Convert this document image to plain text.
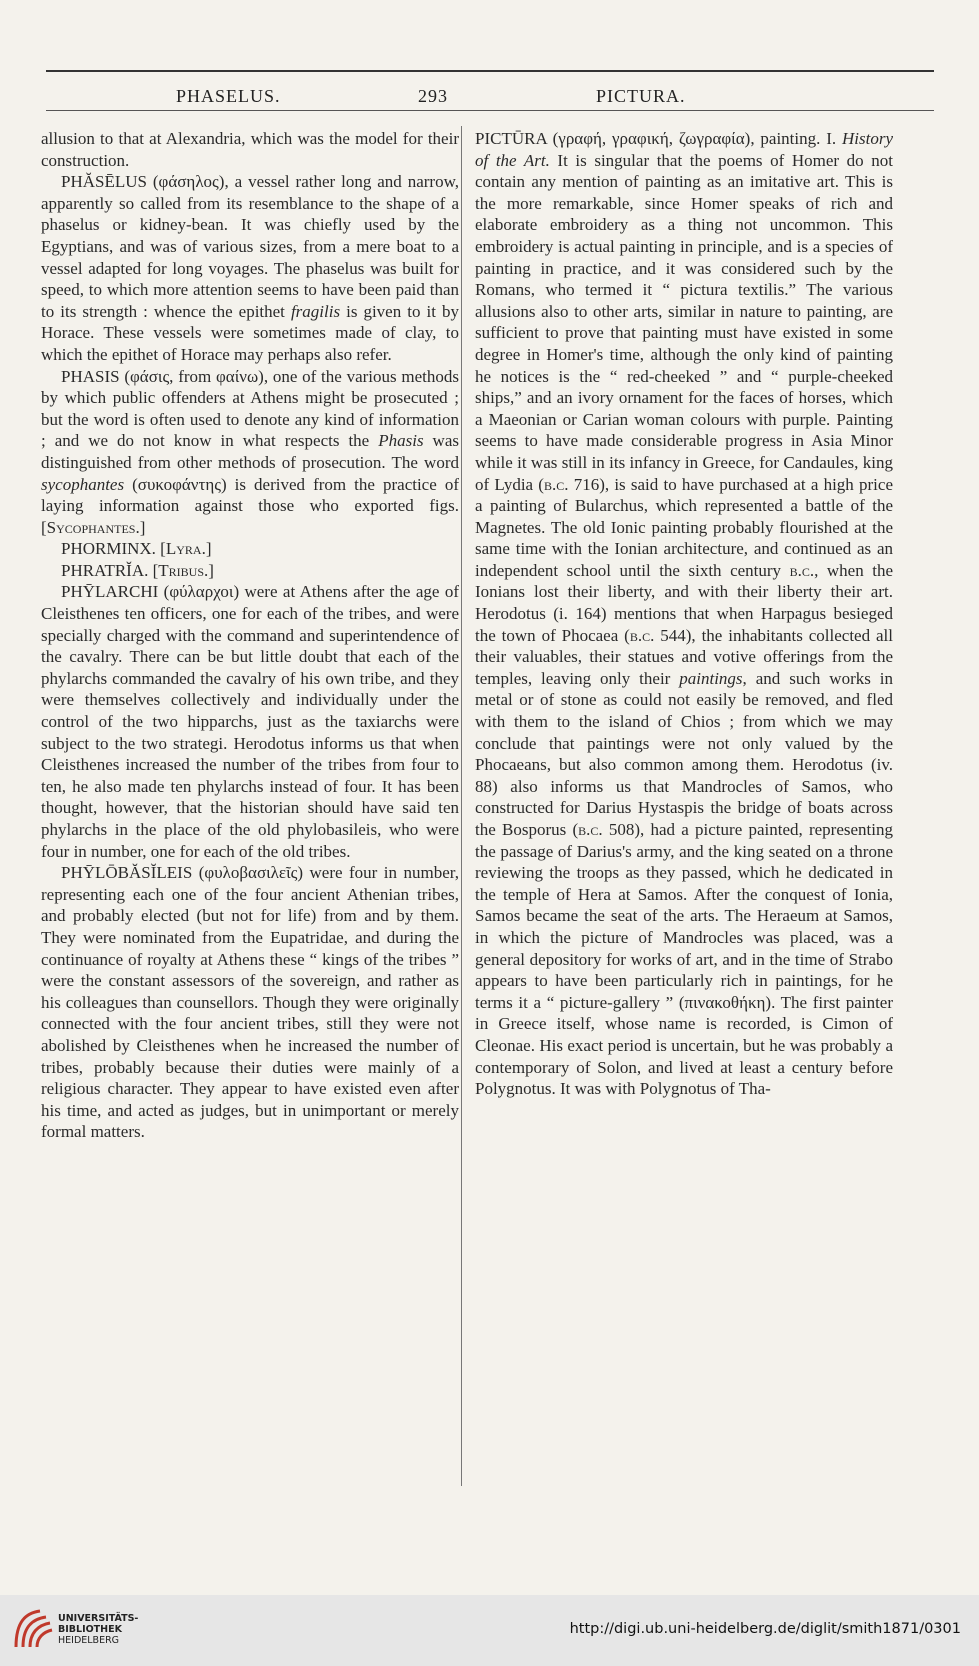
PHASELUS.	293	PICTURA.

allusion to that at Alexandria, which was the model for their construction.

PHĂSĒLUS (φάσηλος), a vessel rather long and narrow, apparently so called from its resemblance to the shape of a phaselus or kidney-bean. It was chiefly used by the Egyptians, and was of various sizes, from a mere boat to a vessel adapted for long voyages. The phaselus was built for speed, to which more attention seems to have been paid than to its strength : whence the epithet fragilis is given to it by Horace. These vessels were sometimes made of clay, to which the epithet of Horace may perhaps also refer.

PHASIS (φάσις, from φαίνω), one of the various methods by which public offenders at Athens might be prosecuted ; but the word is often used to denote any kind of information ; and we do not know in what respects the Phasis was distinguished from other methods of prosecution. The word sycophantes (συκοφάντης) is derived from the practice of laying information against those who exported figs. [Sycophantes.]

PHORMINX. [Lyra.]

PHRATRĬA. [Tribus.]

PHȲLARCHI (φύλαρχοι) were at Athens after the age of Cleisthenes ten officers, one for each of the tribes, and were specially charged with the command and superintendence of the cavalry. There can be but little doubt that each of the phylarchs commanded the cavalry of his own tribe, and they were themselves collectively and individually under the control of the two hipparchs, just as the taxiarchs were subject to the two strategi. Herodotus informs us that when Cleisthenes increased the number of the tribes from four to ten, he also made ten phylarchs instead of four. It has been thought, however, that the historian should have said ten phylarchs in the place of the old phylobasileis, who were four in number, one for each of the old tribes.

PHȲLŌBĂSĬLEIS (φυλοβασιλεῖς) were four in number, representing each one of the four ancient Athenian tribes, and probably elected (but not for life) from and by them. They were nominated from the Eupatridae, and during the continuance of royalty at Athens these “ kings of the tribes ” were the constant assessors of the sovereign, and rather as his colleagues than counsellors. Though they were originally connected with the four ancient tribes, still they were not abolished by Cleisthenes when he increased the number of tribes, probably because their duties were mainly of a religious character. They appear to have existed even after his time, and acted as judges, but in unimportant or merely formal matters.

PICTŪRA (γραφή, γραφική, ζωγραφία), painting. I. History of the Art. It is singular that the poems of Homer do not contain any mention of painting as an imitative art. This is the more remarkable, since Homer speaks of rich and elaborate embroidery as a thing not uncommon. This embroidery is actual painting in principle, and is a species of painting in practice, and it was considered such by the Romans, who termed it “ pictura textilis.” The various allusions also to other arts, similar in nature to painting, are sufficient to prove that painting must have existed in some degree in Homer's time, although the only kind of painting he notices is the “ red-cheeked ” and “ purple-cheeked ships,” and an ivory ornament for the faces of horses, which a Maeonian or Carian woman colours with purple. Painting seems to have made considerable progress in Asia Minor while it was still in its infancy in Greece, for Candaules, king of Lydia (b.c. 716), is said to have purchased at a high price a painting of Bularchus, which represented a battle of the Magnetes. The old Ionic painting probably flourished at the same time with the Ionian architecture, and continued as an independent school until the sixth century b.c., when the Ionians lost their liberty, and with their liberty their art. Herodotus (i. 164) mentions that when Harpagus besieged the town of Phocaea (b.c. 544), the inhabitants collected all their valuables, their statues and votive offerings from the temples, leaving only their paintings, and such works in metal or of stone as could not easily be removed, and fled with them to the island of Chios ; from which we may conclude that paintings were not only valued by the Phocaeans, but also common among them. Herodotus (iv. 88) also informs us that Mandrocles of Samos, who constructed for Darius Hystaspis the bridge of boats across the Bosporus (b.c. 508), had a picture painted, representing the passage of Darius's army, and the king seated on a throne reviewing the troops as they passed, which he dedicated in the temple of Hera at Samos. After the conquest of Ionia, Samos became the seat of the arts. The Heraeum at Samos, in which the picture of Mandrocles was placed, was a general depository for works of art, and in the time of Strabo appears to have been particularly rich in paintings, for he terms it a “ picture-gallery ” (πινακοθήκη). The first painter in Greece itself, whose name is recorded, is Cimon of Cleonae. His exact period is uncertain, but he was probably a contemporary of Solon, and lived at least a century before Polygnotus. It was with Polygnotus of Tha-

UNIVERSITÄTS-
BIBLIOTHEK
HEIDELBERG
http://digi.ub.uni-heidelberg.de/diglit/smith1871/0301
